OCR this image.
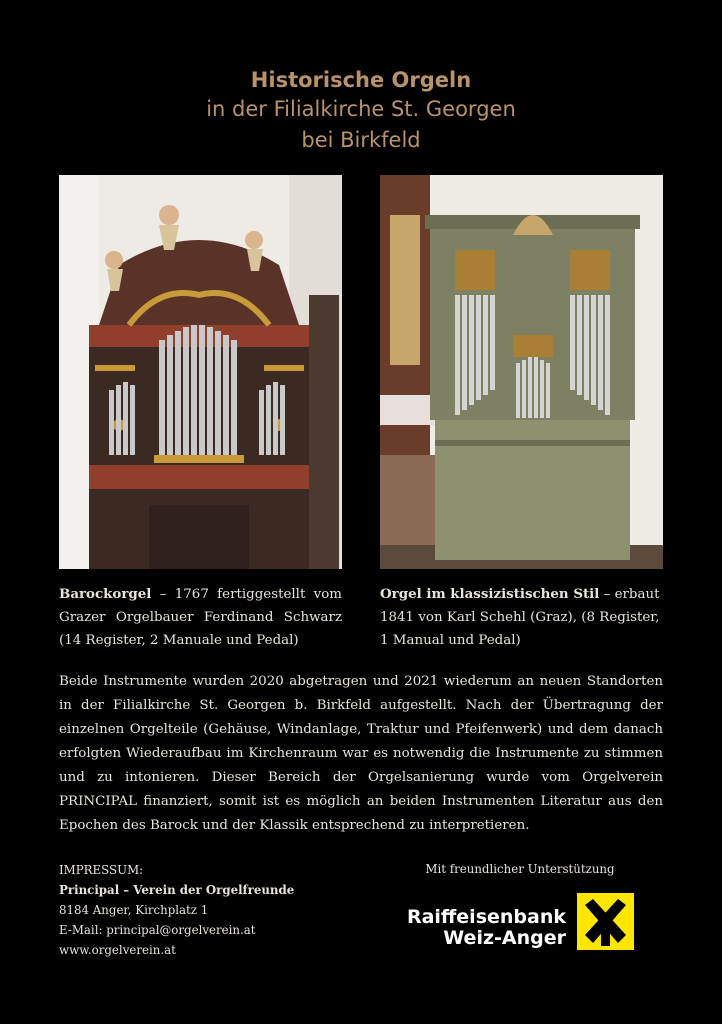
Historische Orgeln
in der Filialkirche St. Georgen
bei Birkfeld
Barockorgel – 1767 fertiggestellt vom Grazer Orgelbauer Ferdinand Schwarz (14 Register, 2 Manuale und Pedal)
Orgel im klassizistischen Stil – erbaut 1841 von Karl Schehl (Graz), (8 Register, 1 Manual und Pedal)
Beide Instrumente wurden 2020 abgetragen und 2021 wiederum an neuen Standorten in der Filialkirche St. Georgen b. Birkfeld aufgestellt. Nach der Übertragung der einzelnen Orgelteile (Gehäuse, Windanlage, Traktur und Pfeifenwerk) und dem danach erfolgten Wiederaufbau im Kirchenraum war es notwendig die Instrumente zu stimmen und zu intonieren. Dieser Bereich der Orgelsanierung wurde vom Orgelverein PRINCIPAL finanziert, somit ist es möglich an beiden Instrumenten Literatur aus den Epochen des Barock und der Klassik entsprechend zu interpretieren.
IMPRESSUM:
Principal – Verein der Orgelfreunde
8184 Anger, Kirchplatz 1
E-Mail: principal@orgelverein.at
www.orgelverein.at
Mit freundlicher Unterstützung
Raiffeisenbank
Weiz-Anger
